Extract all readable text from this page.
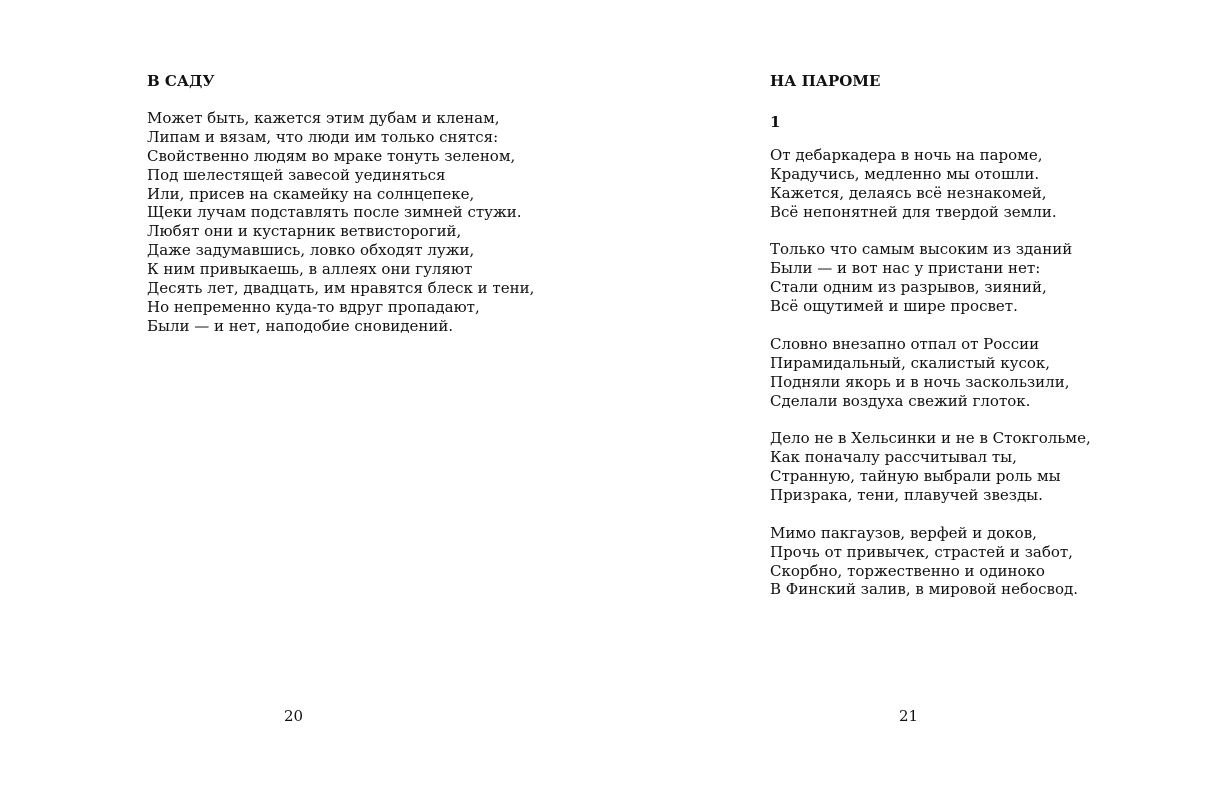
В САДУ
Может быть, кажется этим дубам и кленам,
Липам и вязам, что люди им только снятся:
Свойственно людям во мраке тонуть зеленом,
Под шелестящей завесой уединяться
Или, присев на скамейку на солнцепеке,
Щеки лучам подставлять после зимней стужи.
Любят они и кустарник ветвисторогий,
Даже задумавшись, ловко обходят лужи,
К ним привыкаешь, в аллеях они гуляют
Десять лет, двадцать, им нравятся блеск и тени,
Но непременно куда-то вдруг пропадают,
Были — и нет, наподобие сновидений.
20
НА ПАРОМЕ
1
От дебаркадера в ночь на пароме,
Крадучись, медленно мы отошли.
Кажется, делаясь всё незнакомей,
Всё непонятней для твердой земли.
Только что самым высоким из зданий
Были — и вот нас у пристани нет:
Стали одним из разрывов, зияний,
Всё ощутимей и шире просвет.
Словно внезапно отпал от России
Пирамидальный, скалистый кусок,
Подняли якорь и в ночь заскользили,
Сделали воздуха свежий глоток.
Дело не в Хельсинки и не в Стокгольме,
Как поначалу рассчитывал ты,
Странную, тайную выбрали роль мы
Призрака, тени, плавучей звезды.
Мимо пакгаузов, верфей и доков,
Прочь от привычек, страстей и забот,
Скорбно, торжественно и одиноко
В Финский залив, в мировой небосвод.
21
